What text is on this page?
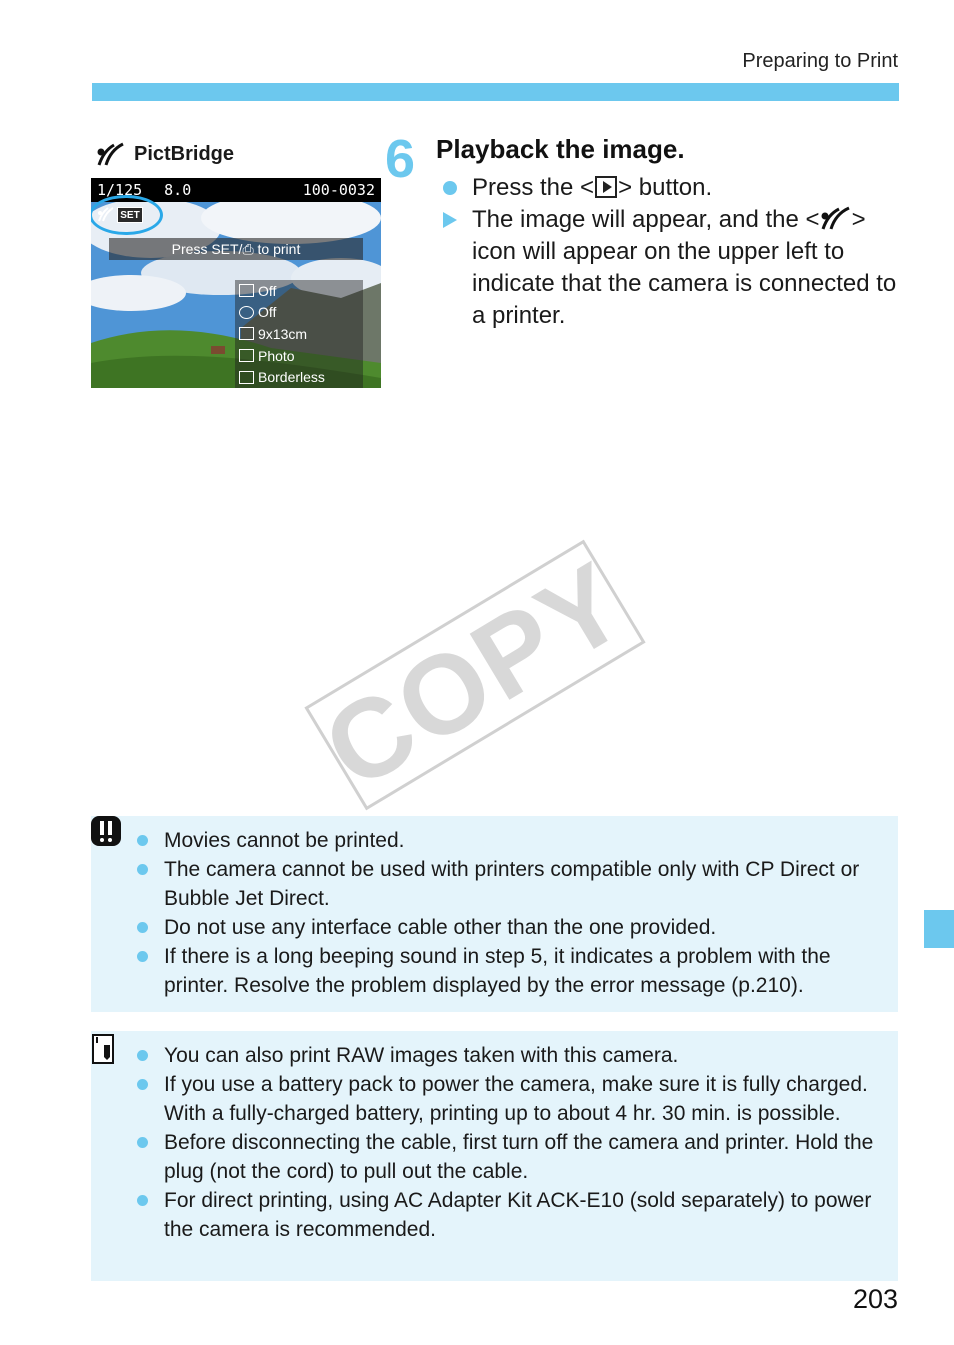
Preparing to Print
PictBridge
1/125 8.0	100-0032
SET
Press SET/⎙ to print
Off
Off
9x13cm
Photo
Borderless
6 Playback the image.
Press the < > button.
The image will appear, and the < > icon will appear on the upper left to indicate that the camera is connected to a printer.
COPY
Movies cannot be printed.
The camera cannot be used with printers compatible only with CP Direct or Bubble Jet Direct.
Do not use any interface cable other than the one provided.
If there is a long beeping sound in step 5, it indicates a problem with the printer. Resolve the problem displayed by the error message (p.210).
You can also print RAW images taken with this camera.
If you use a battery pack to power the camera, make sure it is fully charged. With a fully-charged battery, printing up to about 4 hr. 30 min. is possible.
Before disconnecting the cable, first turn off the camera and printer. Hold the plug (not the cord) to pull out the cable.
For direct printing, using AC Adapter Kit ACK-E10 (sold separately) to power the camera is recommended.
203
